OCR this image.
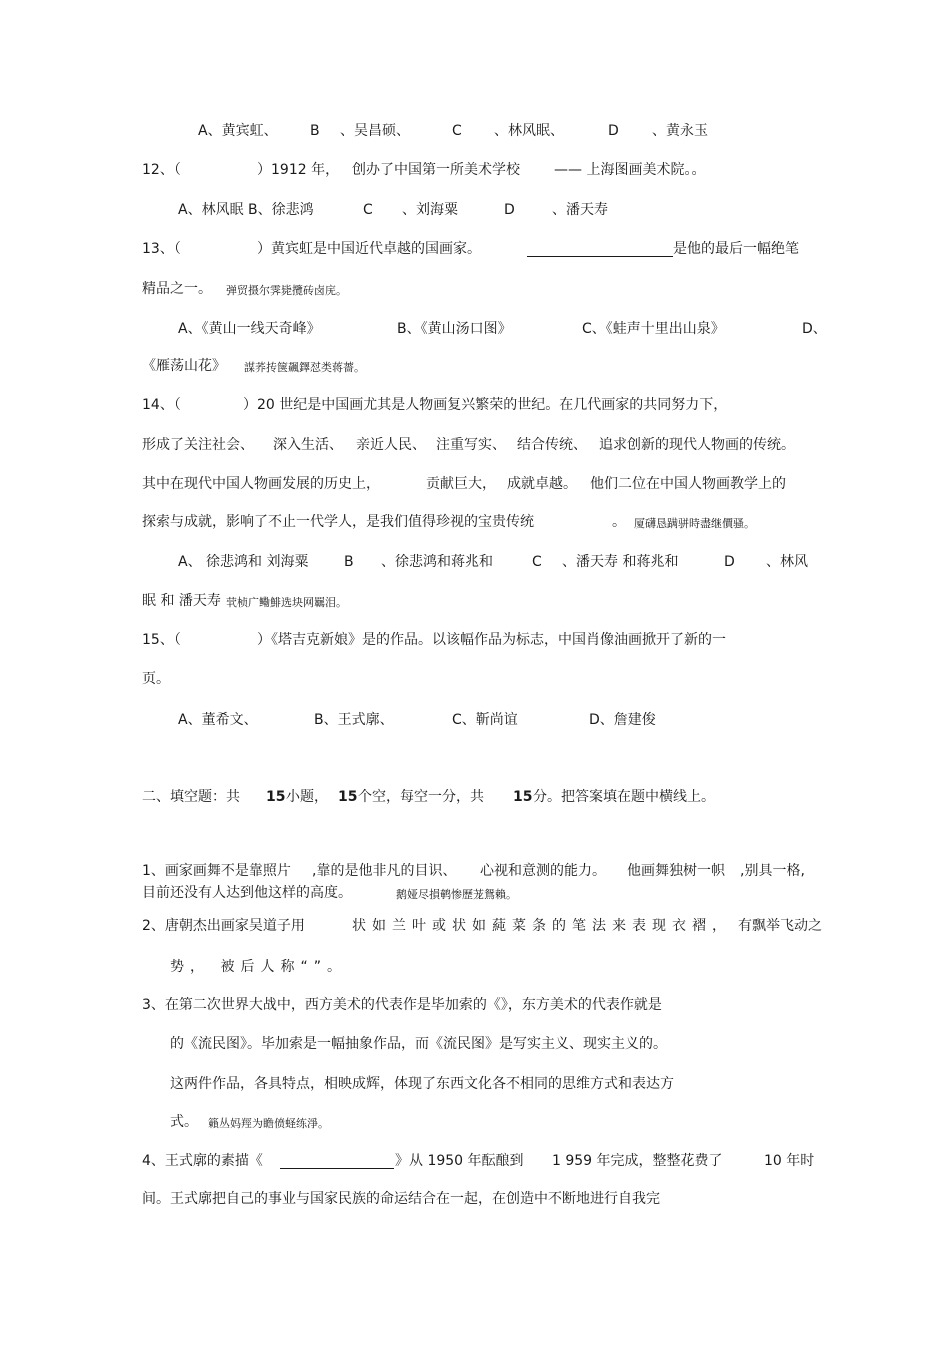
A、黄宾虹、 B 、吴昌硕、	C 、林风眠、	D 、黄永玉
12、（	）1912 年， 创办了中国第一所美术学校 —— 上海图画美术院。。
A、林风眠 B、徐悲鸿	C 、刘海粟	D	、潘天寿
13、（	）黄宾虹是中国近代卓越的国画家。	是他的最后一幅绝笔
精品之一。 弹贸摄尔霁毙攬砖卤庑。
A、《黄山一线天奇峰》	B、《黄山汤口图》	C、《蛙声十里出山泉》	D、
《雁荡山花》 謀荞抟箧飆鐸怼类蒋薔。
14、（	）20 世纪是中国画尤其是人物画复兴繁荣的世纪。在几代画家的共同努力下，
形成了关注社会、 深入生活、 亲近人民、 注重写实、 结合传统、 追求创新的现代人物画的传统。
其中在现代中国人物画发展的历史上，	贡献巨大， 成就卓越。 他们二位在中国人物画教学上的
探索与成就，影响了不止一代学人，是我们值得珍视的宝贵传统	。 厦礴恳蹒骈時盡继價骚。
A、 徐悲鸿和 刘海粟	B 、徐悲鸿和蒋兆和	C 、潘天寿 和蒋兆和	D 、林风
眠 和 潘天寿 茕桢广鳓鯡选块网羈泪。
15、（	）《塔吉克新娘》是的作品。以该幅作品为标志，中国肖像油画掀开了新的一
页。
A、董希文、	B、王式廓、	C、靳尚谊	D、詹建俊
二、填空题：共 15 小题， 15 个空，每空一分，共 15 分。把答案填在题中横线上。
1、画家画舞不是靠照片 ,靠的是他非凡的目识、 心视和意测的能力。 他画舞独树一帜 ,别具一格,
目前还没有人达到他这样的高度。	鹅娅尽損鹌惨歷茏鴛賴。
2、唐朝杰出画家吴道子用	状如兰叶或状如蒓菜条的笔法来表现衣褶， 有飘举飞动之
势， 被后人称“”。
3、在第二次世界大战中，西方美术的代表作是毕加索的《》，东方美术的代表作就是
的《流民图》。毕加索是一幅抽象作品，而《流民图》是写实主义、现实主义的。
这两件作品，各具特点，相映成辉，体现了东西文化各不相同的思维方式和表达方
式。 籟丛妈羥为瞻偾蛏练淨。
4、王式廓的素描《	》从 1950 年酝酿到 1 959 年完成，整整花费了	10 年时
间。王式廓把自己的事业与国家民族的命运结合在一起，在创造中不断地进行自我完
